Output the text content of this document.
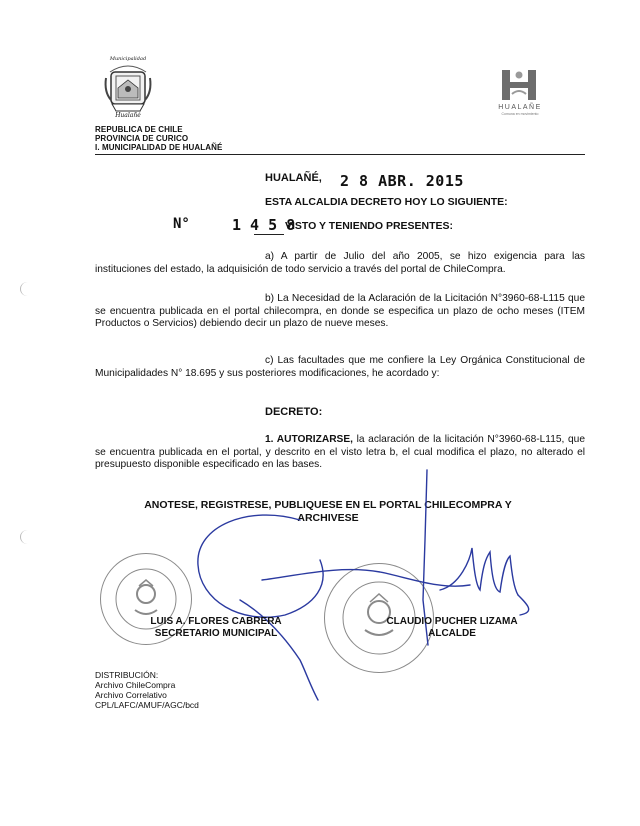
Municipalidad
Hualañé
REPUBLICA DE CHILE
PROVINCIA DE CURICO
I. MUNICIPALIDAD DE HUALAÑÉ
HUALAÑE
Comuna en movimiento
HUALAÑÉ, 2 8 ABR. 2015
ESTA ALCALDIA DECRETO HOY LO SIGUIENTE:
N°	1 4 5 8
VISTO Y TENIENDO PRESENTES:
a) A partir de Julio del año 2005, se hizo exigencia para las instituciones del estado, la adquisición de todo servicio a través del portal de ChileCompra.
b) La Necesidad de la Aclaración de la Licitación N°3960-68-L115 que se encuentra publicada en el portal chilecompra, en donde se especifica un plazo de ocho meses (ITEM Productos o Servicios) debiendo decir un plazo de nueve meses.
c) Las facultades que me confiere la Ley Orgánica Constitucional de Municipalidades N° 18.695 y sus posteriores modificaciones, he acordado y:
DECRETO:
1. AUTORIZARSE, la aclaración de la licitación N°3960-68-L115, que se encuentra publicada en el portal, y descrito en el visto letra b, el cual modifica el plazo, no alterado el presupuesto disponible especificado en las bases.
ANOTESE, REGISTRESE, PUBLIQUESE EN EL PORTAL CHILECOMPRA Y ARCHIVESE
LUIS A. FLORES CABRERA
SECRETARIO MUNICIPAL
CLAUDIO PUCHER LIZAMA
ALCALDE
DISTRIBUCIÓN:
Archivo ChileCompra
Archivo Correlativo
CPL/LAFC/AMUF/AGC/bcd
